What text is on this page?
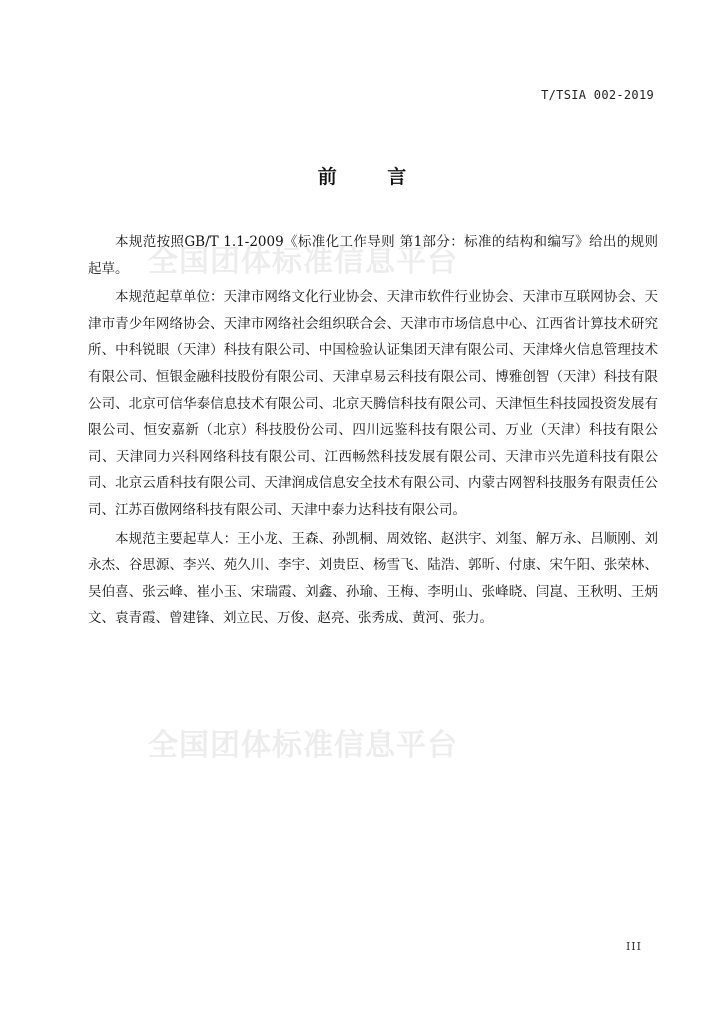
T/TSIA 002-2019
全国团体标准信息平台
全国团体标准信息平台
前 言

本规范按照GB/T 1.1-2009《标准化工作导则 第1部分：标准的结构和编写》给出的规则起草。

本规范起草单位：天津市网络文化行业协会、天津市软件行业协会、天津市互联网协会、天津市青少年网络协会、天津市网络社会组织联合会、天津市市场信息中心、江西省计算技术研究所、中科锐眼（天津）科技有限公司、中国检验认证集团天津有限公司、天津烽火信息管理技术有限公司、恒银金融科技股份有限公司、天津卓易云科技有限公司、博雅创智（天津）科技有限公司、北京可信华泰信息技术有限公司、北京天腾信科技有限公司、天津恒生科技园投资发展有限公司、恒安嘉新（北京）科技股份公司、四川远鉴科技有限公司、万业（天津）科技有限公司、天津同力兴科网络科技有限公司、江西畅然科技发展有限公司、天津市兴先道科技有限公司、北京云盾科技有限公司、天津润成信息安全技术有限公司、内蒙古网智科技服务有限责任公司、江苏百傲网络科技有限公司、天津中泰力达科技有限公司。

本规范主要起草人：王小龙、王森、孙凯桐、周效铭、赵洪宇、刘玺、解万永、吕顺刚、刘永杰、谷思源、李兴、苑久川、李宇、刘贵臣、杨雪飞、陆浩、郭昕、付康、宋午阳、张荣林、吴伯喜、张云峰、崔小玉、宋瑞霞、刘鑫、孙瑜、王梅、李明山、张峰晓、闫崑、王秋明、王炳文、袁青霞、曾建锋、刘立民、万俊、赵亮、张秀成、黄河、张力。

III
